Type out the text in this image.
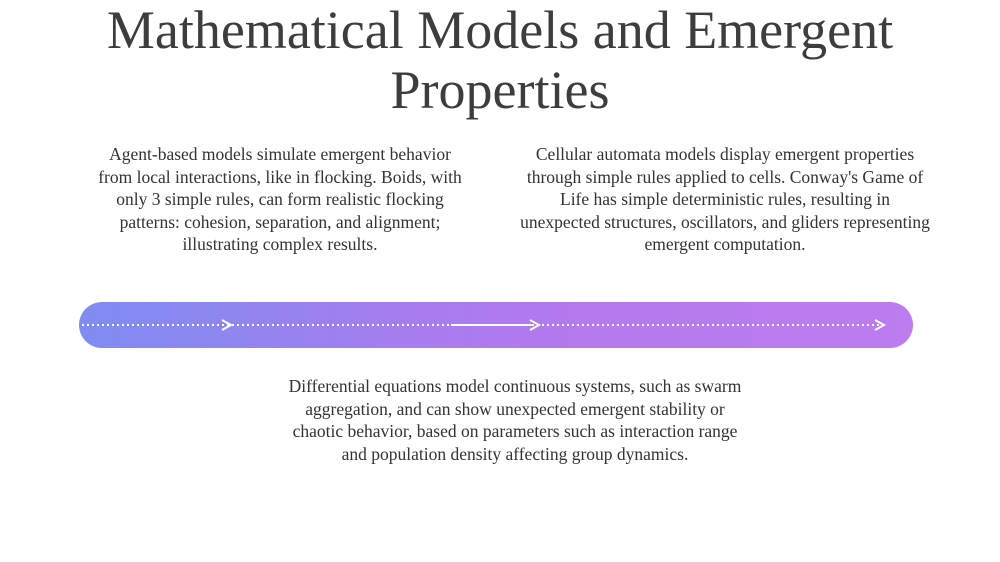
Mathematical Models and Emergent Properties

Agent-based models simulate emergent behavior from local interactions, like in flocking. Boids, with only 3 simple rules, can form realistic flocking patterns: cohesion, separation, and alignment; illustrating complex results.

Cellular automata models display emergent properties through simple rules applied to cells. Conway's Game of Life has simple deterministic rules, resulting in unexpected structures, oscillators, and gliders representing emergent computation.

Differential equations model continuous systems, such as swarm aggregation, and can show unexpected emergent stability or chaotic behavior, based on parameters such as interaction range and population density affecting group dynamics.
